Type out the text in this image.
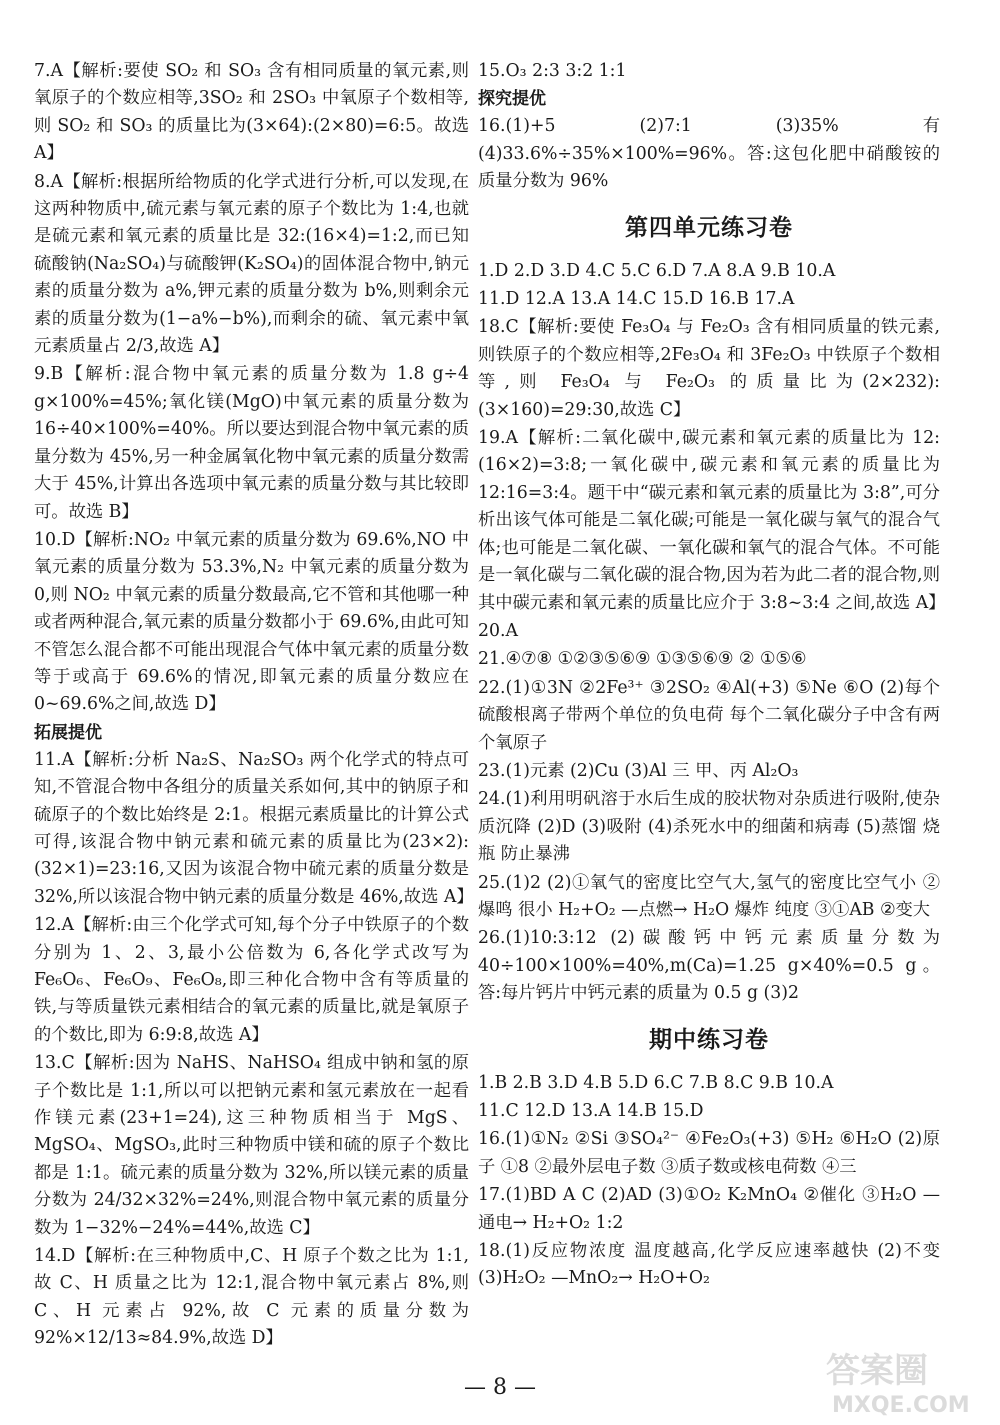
7.A【解析:要使 SO₂ 和 SO₃ 含有相同质量的氧元素,则氧原子的个数应相等,3SO₂ 和 2SO₃ 中氧原子个数相等,则 SO₂ 和 SO₃ 的质量比为(3×64):(2×80)=6:5。故选 A】
8.A【解析:根据所给物质的化学式进行分析,可以发现,在这两种物质中,硫元素与氧元素的原子个数比为 1:4,也就是硫元素和氧元素的质量比是 32:(16×4)=1:2,而已知硫酸钠(Na₂SO₄)与硫酸钾(K₂SO₄)的固体混合物中,钠元素的质量分数为 a%,钾元素的质量分数为 b%,则剩余元素的质量分数为(1−a%−b%),而剩余的硫、氧元素中氧元素质量占 2/3,故选 A】
9.B【解析:混合物中氧元素的质量分数为 1.8 g÷4 g×100%=45%;氧化镁(MgO)中氧元素的质量分数为 16÷40×100%=40%。所以要达到混合物中氧元素的质量分数为 45%,另一种金属氧化物中氧元素的质量分数需大于 45%,计算出各选项中氧元素的质量分数与其比较即可。故选 B】
10.D【解析:NO₂ 中氧元素的质量分数为 69.6%,NO 中氧元素的质量分数为 53.3%,N₂ 中氧元素的质量分数为 0,则 NO₂ 中氧元素的质量分数最高,它不管和其他哪一种或者两种混合,氧元素的质量分数都小于 69.6%,由此可知不管怎么混合都不可能出现混合气体中氧元素的质量分数等于或高于 69.6%的情况,即氧元素的质量分数应在 0~69.6%之间,故选 D】
拓展提优
11.A【解析:分析 Na₂S、Na₂SO₃ 两个化学式的特点可知,不管混合物中各组分的质量关系如何,其中的钠原子和硫原子的个数比始终是 2:1。根据元素质量比的计算公式可得,该混合物中钠元素和硫元素的质量比为(23×2):(32×1)=23:16,又因为该混合物中硫元素的质量分数是 32%,所以该混合物中钠元素的质量分数是 46%,故选 A】
12.A【解析:由三个化学式可知,每个分子中铁原子的个数分别为 1、2、3,最小公倍数为 6,各化学式改写为 Fe₆O₆、Fe₆O₉、Fe₆O₈,即三种化合物中含有等质量的铁,与等质量铁元素相结合的氧元素的质量比,就是氧原子的个数比,即为 6:9:8,故选 A】
13.C【解析:因为 NaHS、NaHSO₄ 组成中钠和氢的原子个数比是 1:1,所以可以把钠元素和氢元素放在一起看作镁元素(23+1=24),这三种物质相当于 MgS、MgSO₄、MgSO₃,此时三种物质中镁和硫的原子个数比都是 1:1。硫元素的质量分数为 32%,所以镁元素的质量分数为 24/32×32%=24%,则混合物中氧元素的质量分数为 1−32%−24%=44%,故选 C】
14.D【解析:在三种物质中,C、H 原子个数之比为 1:1,故 C、H 质量之比为 12:1,混合物中氧元素占 8%,则 C、H 元素占 92%,故 C 元素的质量分数为 92%×12/13≈84.9%,故选 D】
15.O₃ 2:3 3:2 1:1
探究提优
16.(1)+5 (2)7:1 (3)35% 有 (4)33.6%÷35%×100%=96%。答:这包化肥中硝酸铵的质量分数为 96%
第四单元练习卷
1.D 2.D 3.D 4.C 5.C 6.D 7.A 8.A 9.B 10.A
11.D 12.A 13.A 14.C 15.D 16.B 17.A
18.C【解析:要使 Fe₃O₄ 与 Fe₂O₃ 含有相同质量的铁元素,则铁原子的个数应相等,2Fe₃O₄ 和 3Fe₂O₃ 中铁原子个数相等,则 Fe₃O₄ 与 Fe₂O₃ 的质量比为(2×232):(3×160)=29:30,故选 C】
19.A【解析:二氧化碳中,碳元素和氧元素的质量比为 12:(16×2)=3:8;一氧化碳中,碳元素和氧元素的质量比为 12:16=3:4。题干中“碳元素和氧元素的质量比为 3:8”,可分析出该气体可能是二氧化碳;可能是一氧化碳与氧气的混合气体;也可能是二氧化碳、一氧化碳和氧气的混合气体。不可能是一氧化碳与二氧化碳的混合物,因为若为此二者的混合物,则其中碳元素和氧元素的质量比应介于 3:8~3:4 之间,故选 A】
20.A
21.④⑦⑧ ①②③⑤⑥⑨ ①③⑤⑥⑨ ② ①⑤⑥
22.(1)①3N ②2Fe³⁺ ③2SO₂ ④Al(+3) ⑤Ne ⑥O (2)每个硫酸根离子带两个单位的负电荷 每个二氧化碳分子中含有两个氧原子
23.(1)元素 (2)Cu (3)Al 三 甲、丙 Al₂O₃
24.(1)利用明矾溶于水后生成的胶状物对杂质进行吸附,使杂质沉降 (2)D (3)吸附 (4)杀死水中的细菌和病毒 (5)蒸馏 烧瓶 防止暴沸
25.(1)2 (2)①氧气的密度比空气大,氢气的密度比空气小 ②爆鸣 很小 H₂+O₂ —点燃→ H₂O 爆炸 纯度 ③①AB ②变大
26.(1)10:3:12 (2)碳酸钙中钙元素质量分数为 40÷100×100%=40%,m(Ca)=1.25 g×40%=0.5 g。答:每片钙片中钙元素的质量为 0.5 g (3)2
期中练习卷
1.B 2.B 3.D 4.B 5.D 6.C 7.B 8.C 9.B 10.A
11.C 12.D 13.A 14.B 15.D
16.(1)①N₂ ②Si ③SO₄²⁻ ④Fe₂O₃(+3) ⑤H₂ ⑥H₂O (2)原子 ①8 ②最外层电子数 ③质子数或核电荷数 ④三
17.(1)BD A C (2)AD (3)①O₂ K₂MnO₄ ②催化 ③H₂O —通电→ H₂+O₂ 1:2
18.(1)反应物浓度 温度越高,化学反应速率越快 (2)不变 (3)H₂O₂ —MnO₂→ H₂O+O₂
— 8 —	答案圈
MXQE.COM
